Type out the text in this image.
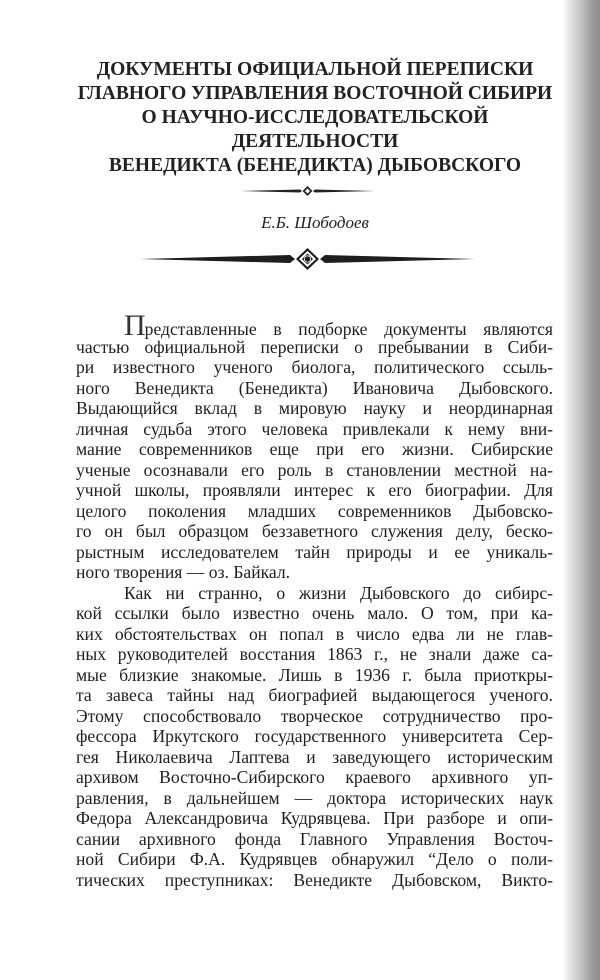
ДОКУМЕНТЫ ОФИЦИАЛЬНОЙ ПЕРЕПИСКИ
ГЛАВНОГО УПРАВЛЕНИЯ ВОСТОЧНОЙ СИБИРИ
О НАУЧНО-ИССЛЕДОВАТЕЛЬСКОЙ
ДЕЯТЕЛЬНОСТИ
ВЕНЕДИКТА (БЕНЕДИКТА) ДЫБОВСКОГО
Е.Б. Шободоев
Представленные в подборке документы являются
частью официальной переписки о пребывании в Сиби-
ри известного ученого биолога, политического ссыль-
ного Венедикта (Бенедикта) Ивановича Дыбовского.
Выдающийся вклад в мировую науку и неординарная
личная судьба этого человека привлекали к нему вни-
мание современников еще при его жизни. Сибирские
ученые осознавали его роль в становлении местной на-
учной школы, проявляли интерес к его биографии. Для
целого поколения младших современников Дыбовско-
го он был образцом беззаветного служения делу, беско-
рыстным исследователем тайн природы и ее уникаль-
ного творения — оз. Байкал.
Как ни странно, о жизни Дыбовского до сибирс-
кой ссылки было известно очень мало. О том, при ка-
ких обстоятельствах он попал в число едва ли не глав-
ных руководителей восстания 1863 г., не знали даже са-
мые близкие знакомые. Лишь в 1936 г. была приоткры-
та завеса тайны над биографией выдающегося ученого.
Этому способствовало творческое сотрудничество про-
фессора Иркутского государственного университета Сер-
гея Николаевича Лаптева и заведующего историческим
архивом Восточно-Сибирского краевого архивного уп-
равления, в дальнейшем — доктора исторических наук
Федора Александровича Кудрявцева. При разборе и опи-
сании архивного фонда Главного Управления Восточ-
ной Сибири Ф.А. Кудрявцев обнаружил “Дело о поли-
тических преступниках: Венедикте Дыбовском, Викто-
